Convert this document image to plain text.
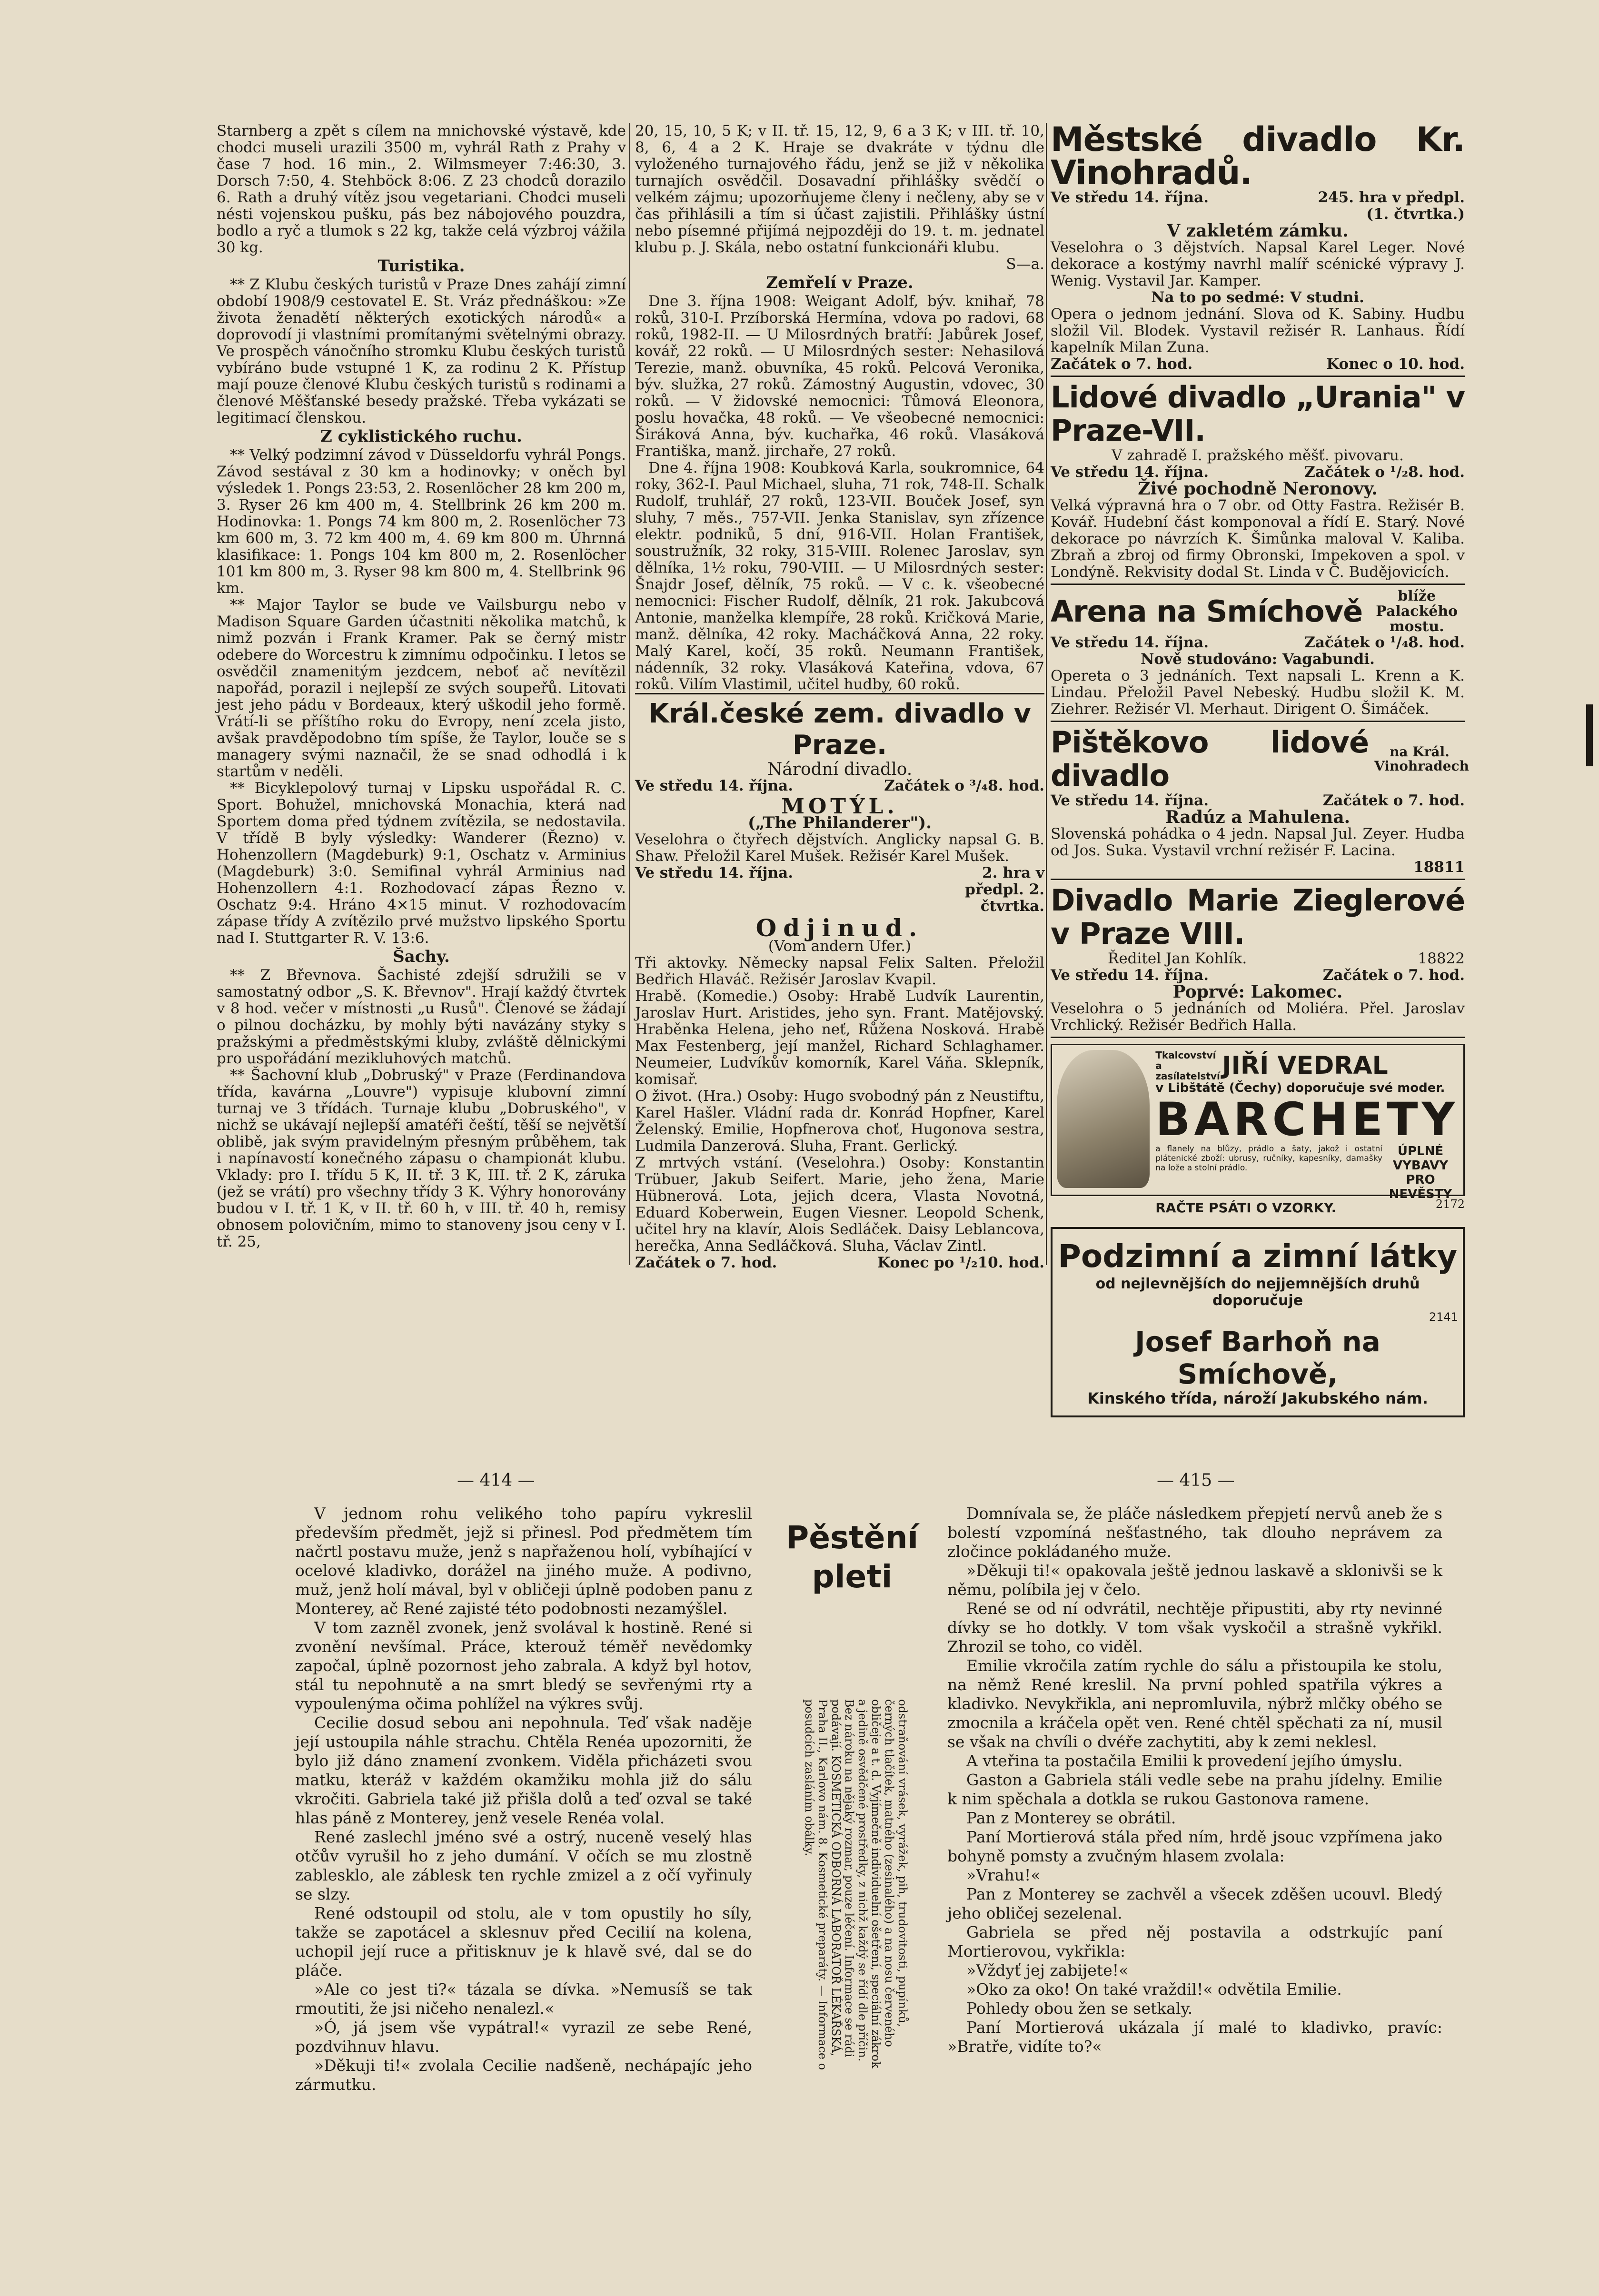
Starnberg a zpět s cílem na mnichovské výstavě, kde chodci museli urazili 3500 m, vyhrál Rath z Prahy v čase 7 hod. 16 min., 2. Wilmsmeyer 7:46:30, 3. Dorsch 7:50, 4. Stehböck 8:06. Z 23 chodců dorazilo 6. Rath a druhý vítěz jsou vegetariani. Chodci museli nésti vojenskou pušku, pás bez nábojového pouzdra, bodlo a ryč a tlumok s 22 kg, takže celá výzbroj vážila 30 kg.

Turistika.

** Z Klubu českých turistů v Praze Dnes zahájí zimní období 1908/9 cestovatel E. St. Vráz přednáškou: »Ze života ženadětí některých exotických národů« a doprovodí ji vlastními promítanými světelnými obrazy. Ve prospěch vánočního stromku Klubu českých turistů vybíráno bude vstupné 1 K, za rodinu 2 K. Přístup mají pouze členové Klubu českých turistů s rodinami a členové Měšťanské besedy pražské. Třeba vykázati se legitimací členskou.

Z cyklistického ruchu.

** Velký podzimní závod v Düsseldorfu vyhrál Pongs. Závod sestával z 30 km a hodinovky; v oněch byl výsledek 1. Pongs 23:53, 2. Rosenlöcher 28 km 200 m, 3. Ryser 26 km 400 m, 4. Stellbrink 26 km 200 m. Hodinovka: 1. Pongs 74 km 800 m, 2. Rosenlöcher 73 km 600 m, 3. 72 km 400 m, 4. 69 km 800 m. Úhrnná klasifikace: 1. Pongs 104 km 800 m, 2. Rosenlöcher 101 km 800 m, 3. Ryser 98 km 800 m, 4. Stellbrink 96 km.

** Major Taylor se bude ve Vailsburgu nebo v Madison Square Garden účastniti několika matchů, k nimž pozván i Frank Kramer. Pak se černý mistr odebere do Worcestru k zimnímu odpočinku. I letos se osvědčil znamenitým jezdcem, neboť ač nevítězil napořád, porazil i nejlepší ze svých soupeřů. Litovati jest jeho pádu v Bordeaux, který uškodil jeho formě. Vrátí-li se příštího roku do Evropy, není zcela jisto, avšak pravděpodobno tím spíše, že Taylor, louče se s managery svými naznačil, že se snad odhodlá i k startům v neděli.

** Bicyklepolový turnaj v Lipsku uspořádal R. C. Sport. Bohužel, mnichovská Monachia, která nad Sportem doma před týdnem zvítězila, se nedostavila. V třídě B byly výsledky: Wanderer (Řezno) v. Hohenzollern (Magdeburk) 9:1, Oschatz v. Arminius (Magdeburk) 3:0. Semifinal vyhrál Arminius nad Hohenzollern 4:1. Rozhodovací zápas Řezno v. Oschatz 9:4. Hráno 4×15 minut. V rozhodovacím zápase třídy A zvítězilo prvé mužstvo lipského Sportu nad I. Stuttgarter R. V. 13:6.

Šachy.

** Z Břevnova. Šachisté zdejší sdružili se v samostatný odbor „S. K. Břevnov". Hrají každý čtvrtek v 8 hod. večer v místnosti „u Rusů". Členové se žádají o pilnou docházku, by mohly býti navázány styky s pražskými a předměstskými kluby, zvláště dělnickými pro uspořádání mezikluhových matchů.

** Šachovní klub „Dobruský" v Praze (Ferdinandova třída, kavárna „Louvre") vypisuje klubovní zimní turnaj ve 3 třídách. Turnaje klubu „Dobruského", v nichž se ukávají nejlepší amatéři čeští, těší se největší oblibě, jak svým pravidelným přesným průběhem, tak i napínavostí konečného zápasu o championát klubu. Vklady: pro I. třídu 5 K, II. tř. 3 K, III. tř. 2 K, záruka (jež se vrátí) pro všechny třídy 3 K. Výhry honorovány budou v I. tř. 1 K, v II. tř. 60 h, v III. tř. 40 h, remisy obnosem polovičním, mimo to stanoveny jsou ceny v I. tř. 25,

20, 15, 10, 5 K; v II. tř. 15, 12, 9, 6 a 3 K; v III. tř. 10, 8, 6, 4 a 2 K. Hraje se dvakráte v týdnu dle vyloženého turnajového řádu, jenž se již v několika turnajích osvědčil. Dosavadní přihlášky svědčí o velkém zájmu; upozorňujeme členy i nečleny, aby se v čas přihlásili a tím si účast zajistili. Přihlášky ústní nebo písemné přijímá nejpozději do 19. t. m. jednatel klubu p. J. Skála, nebo ostatní funkcionáři klubu.

S—a.
Zemřelí v Praze.

Dne 3. října 1908: Weigant Adolf, býv. knihař, 78 roků, 310-I. Przíborská Hermína, vdova po radovi, 68 roků, 1982-II. — U Milosrdných bratří: Jabůrek Josef, kovář, 22 roků. — U Milosrdných sester: Nehasilová Terezie, manž. obuvníka, 45 roků. Pelcová Veronika, býv. služka, 27 roků. Zámostný Augustin, vdovec, 30 roků. — V židovské nemocnici: Tůmová Eleonora, poslu hovačka, 48 roků. — Ve všeobecné nemocnici: Širáková Anna, býv. kuchařka, 46 roků. Vlasáková Františka, manž. jirchaře, 27 roků.

Dne 4. října 1908: Koubková Karla, soukromnice, 64 roky, 362-I. Paul Michael, sluha, 71 rok, 748-II. Schalk Rudolf, truhlář, 27 roků, 123-VII. Bouček Josef, syn sluhy, 7 měs., 757-VII. Jenka Stanislav, syn zřízence elektr. podniků, 5 dní, 916-VII. Holan František, soustružník, 32 roky, 315-VIII. Rolenec Jaroslav, syn dělníka, 1½ roku, 790-VIII. — U Milosrdných sester: Šnajdr Josef, dělník, 75 roků. — V c. k. všeobecné nemocnici: Fischer Rudolf, dělník, 21 rok. Jakubcová Antonie, manželka klempíře, 28 roků. Kričková Marie, manž. dělníka, 42 roky. Macháčková Anna, 22 roky. Malý Karel, kočí, 35 roků. Neumann František, nádenník, 32 roky. Vlasáková Kateřina, vdova, 67 roků. Vilím Vlastimil, učitel hudby, 60 roků.

Král.české zem. divadlo v Praze.
Národní divadlo.
Ve středu 14. října.	Začátek o ³/₄8. hod.
MOTÝL.
(„The Philanderer").

Veselohra o čtyřech dějstvích. Anglicky napsal G. B. Shaw. Přeložil Karel Mušek. Režisér Karel Mušek.

Ve středu 14. října.	2. hra v předpl. 2. čtvrtka.
Odjinud.
(Vom andern Ufer.)

Tři aktovky. Německy napsal Felix Salten. Přeložil Bedřich Hlaváč. Režisér Jaroslav Kvapil.

Hrabě. (Komedie.) Osoby: Hrabě Ludvík Laurentin, Jaroslav Hurt. Aristides, jeho syn. Frant. Matějovský. Hraběnka Helena, jeho neť, Růžena Nosková. Hrabě Max Festenberg, její manžel, Richard Schlaghamer. Neumeier, Ludvíkův komorník, Karel Váňa. Sklepník, komisař.

O život. (Hra.) Osoby: Hugo svobodný pán z Neustiftu, Karel Hašler. Vládní rada dr. Konrád Hopfner, Karel Želenský. Emilie, Hopfnerova choť, Hugonova sestra, Ludmila Danzerová. Sluha, Frant. Gerlický.

Z mrtvých vstání. (Veselohra.) Osoby: Konstantin Trübuer, Jakub Seifert. Marie, jeho žena, Marie Hübnerová. Lota, jejich dcera, Vlasta Novotná, Eduard Koberwein, Eugen Viesner. Leopold Schenk, učitel hry na klavír, Alois Sedláček. Daisy Leblancova, herečka, Anna Sedláčková. Sluha, Václav Zintl.

Začátek o 7. hod.	Konec po ¹/₂10. hod.
Městské divadlo Kr. Vinohradů.
Ve středu 14. října.	245. hra v předpl. (1. čtvrtka.)
V zakletém zámku.

Veselohra o 3 dějstvích. Napsal Karel Leger. Nové dekorace a kostýmy navrhl malíř scénické výpravy J. Wenig. Vystavil Jar. Kamper.

Na to po sedmé: V studni.

Opera o jednom jednání. Slova od K. Sabiny. Hudbu složil Vil. Blodek. Vystavil režisér R. Lanhaus. Řídí kapelník Milan Zuna.

Začátek o 7. hod.	Konec o 10. hod.
Lidové divadlo „Urania" v Praze-VII.
V zahradě I. pražského měšť. pivovaru.
Ve středu 14. října.	Začátek o ¹/₂8. hod.
Živé pochodně Neronovy.

Velká výpravná hra o 7 obr. od Otty Fastra. Režisér B. Kovář. Hudební část komponoval a řídí E. Starý. Nové dekorace po návrzích K. Šimůnka maloval V. Kaliba. Zbraň a zbroj od firmy Obronski, Impekoven a spol. v Londýně. Rekvisity dodal St. Linda v Č. Budějovicích.

Arena na Smíchově	blíže Palackého mostu.
Ve středu 14. října.	Začátek o ¹/₄8. hod.
Nově studováno: Vagabundi.

Opereta o 3 jednáních. Text napsali L. Krenn a K. Lindau. Přeložil Pavel Nebeský. Hudbu složil K. M. Ziehrer. Režisér Vl. Merhaut. Dirigent O. Šimáček.

Pištěkovo lidové divadlo
na Král. Vinohradech
Ve středu 14. října.	Začátek o 7. hod.
Radúz a Mahulena.

Slovenská pohádka o 4 jedn. Napsal Jul. Zeyer. Hudba od Jos. Suka. Vystavil vrchní režisér F. Lacina.

18811
Divadlo Marie Zieglerové v Praze VIII.
Ředitel Jan Kohlík.	18822
Ve středu 14. října.	Začátek o 7. hod.
Poprvé: Lakomec.

Veselohra o 5 jednáních od Moliéra. Přel. Jaroslav Vrchlický. Režisér Bedřich Halla.

Tkalcovství a zasílatelství JIŘÍ VEDRAL
v Libštátě (Čechy) doporučuje své moder.
BARCHETY
a flanely na blůzy, prádlo a šaty, jakož i ostatní plátenické zboží: ubrusy, ručníky, kapesníky, damašky na lože a stolní prádlo.
ÚPLNÉ VYBAVY PRO NEVĚSTY
RAČTE PSÁTI O VZORKY.	2172
Podzimní a zimní látky
od nejlevnějších do nejjemnějších druhů doporučuje
2141
Josef Barhoň na Smíchově,
Kinského třída, nároží Jakubského nám.
— 414 —	— 415 —

V jednom rohu velikého toho papíru vykreslil především předmět, jejž si přinesl. Pod předmětem tím načrtl postavu muže, jenž s napřaženou holí, vybíhající v ocelové kladivko, dorážel na jiného muže. A podivno, muž, jenž holí mával, byl v obličeji úplně podoben panu z Monterey, ač René zajisté této podobnosti nezamýšlel.

V tom zazněl zvonek, jenž svolával k hostině. René si zvonění nevšímal. Práce, kterouž téměř nevědomky započal, úplně pozornost jeho zabrala. A když byl hotov, stál tu nepohnutě a na smrt bledý se sevřenými rty a vypoulenýma očima pohlížel na výkres svůj.

Cecilie dosud sebou ani nepohnula. Teď však naděje její ustoupila náhle strachu. Chtěla Renéa upozorniti, že bylo již dáno znamení zvonkem. Viděla přicházeti svou matku, kteráž v každém okamžiku mohla již do sálu vkročiti. Gabriela také již přišla dolů a teď ozval se také hlas páně z Monterey, jenž vesele Renéa volal.

René zaslechl jméno své a ostrý, nuceně veselý hlas otčův vyrušil ho z jeho dumání. V očích se mu zlostně zablesklo, ale záblesk ten rychle zmizel a z očí vyřinuly se slzy.

René odstoupil od stolu, ale v tom opustily ho síly, takže se zapotácel a sklesnuv před Cecilií na kolena, uchopil její ruce a přitisknuv je k hlavě své, dal se do pláče.

»Ale co jest ti?« tázala se dívka. »Nemusíš se tak rmoutiti, že jsi ničeho nenalezl.«

»Ó, já jsem vše vypátral!« vyrazil ze sebe René, pozdvihnuv hlavu.

»Děkuji ti!« zvolala Cecilie nadšeně, nechápajíc jeho zármutku.

Pěstění pleti
odstraňování vrásek, vyrážek, pih, trudovitosti, pupínků, černých tlačítek, matného (zesinalého) a na nosu červeného obličeje a t. d. Vyjímečně individuelní ošetření, speciální zákrok a jedině osvědčené prostředky, z nichž každý se řídí dle příčin. Bez nároku na nějaký rozmar, pouze léčení. Informace se rádi podávají. KOSMETICKÁ ODBORNÁ LABORATOŘ LÉKAŘSKÁ, Praha II., Karlovo nám. 8. Kosmetické preparáty. — Informace o posudcích zasláním obálky.

Domnívala se, že pláče následkem přepjetí nervů aneb že s bolestí vzpomíná nešťastného, tak dlouho neprávem za zločince pokládaného muže.

»Děkuji ti!« opakovala ještě jednou laskavě a sklonivši se k němu, políbila jej v čelo.

René se od ní odvrátil, nechtěje připustiti, aby rty nevinné dívky se ho dotkly. V tom však vyskočil a strašně vykřikl. Zhrozil se toho, co viděl.

Emilie vkročila zatím rychle do sálu a přistoupila ke stolu, na němž René kreslil. Na první pohled spatřila výkres a kladivko. Nevykřikla, ani nepromluvila, nýbrž mlčky obého se zmocnila a kráčela opět ven. René chtěl spěchati za ní, musil se však na chvíli o dvéře zachytiti, aby k zemi neklesl.

A vteřina ta postačila Emilii k provedení jejího úmyslu.

Gaston a Gabriela stáli vedle sebe na prahu jídelny. Emilie k nim spěchala a dotkla se rukou Gastonova ramene.

Pan z Monterey se obrátil.

Paní Mortierová stála před ním, hrdě jsouc vzpřímena jako bohyně pomsty a zvučným hlasem zvolala:

»Vrahu!«

Pan z Monterey se zachvěl a všecek zděšen ucouvl. Bledý jeho obličej sezelenal.

Gabriela se před něj postavila a odstrkujíc paní Mortierovou, vykřikla:

»Vždyť jej zabijete!«

»Oko za oko! On také vraždil!« odvětila Emilie.

Pohledy obou žen se setkaly.

Paní Mortierová ukázala jí malé to kladivko, pravíc: »Bratře, vidíte to?«
